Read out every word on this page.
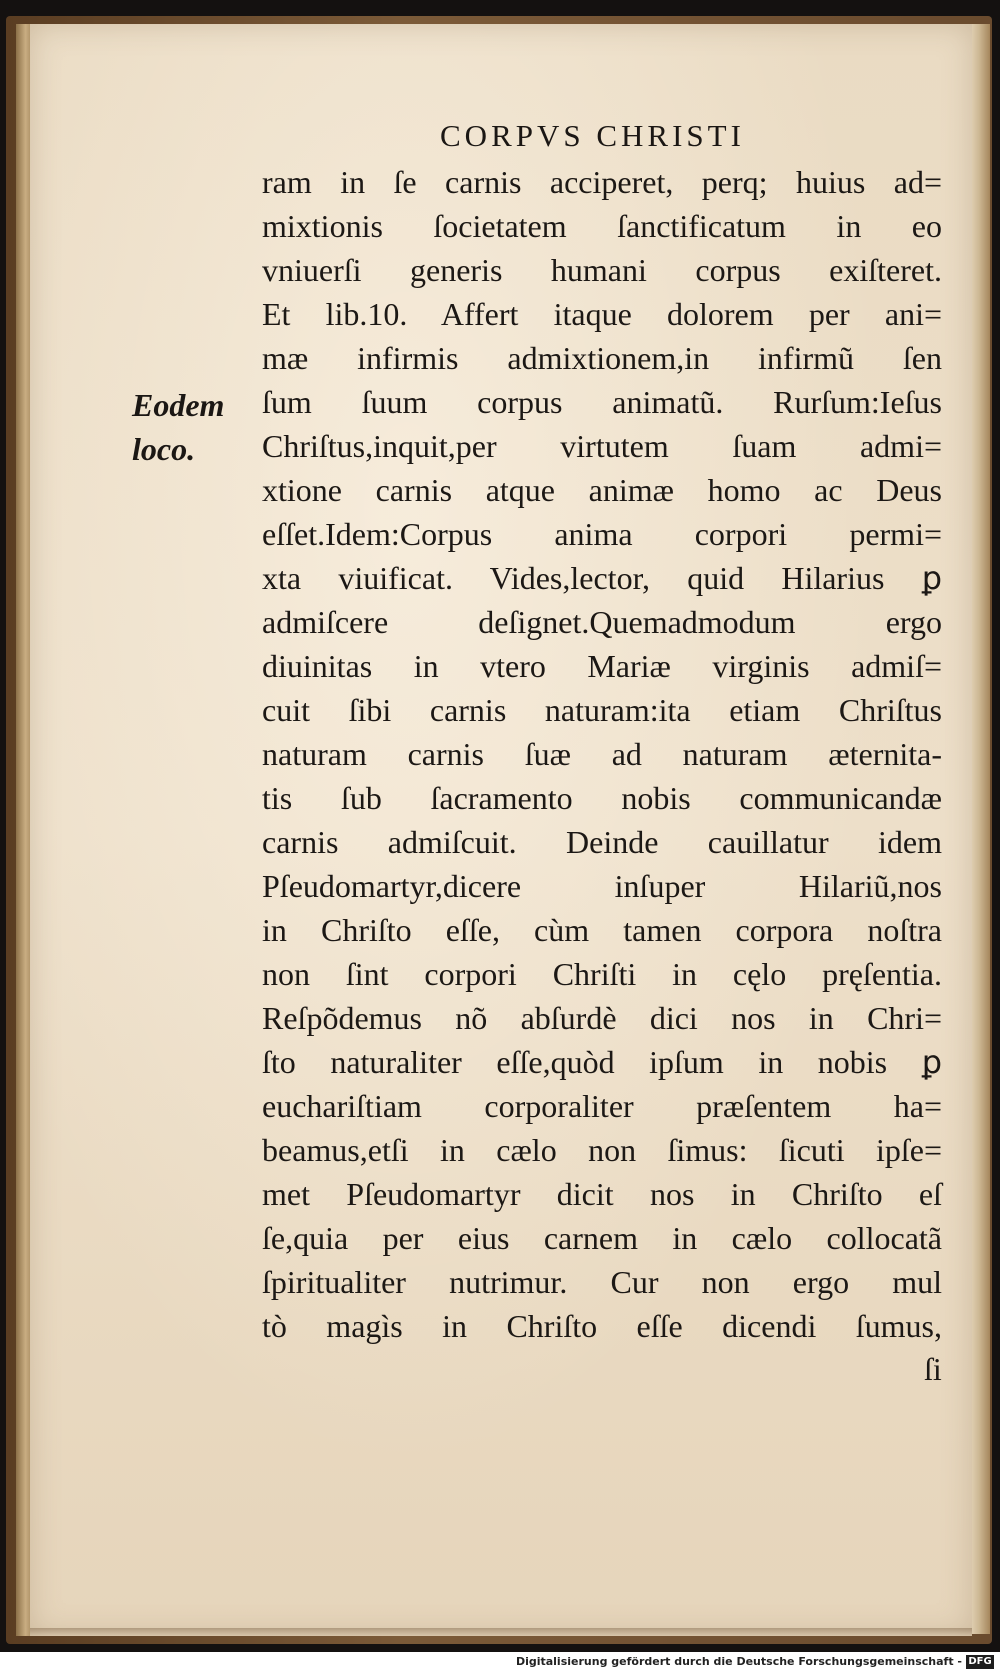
CORPVS CHRISTI
Eodem
loco.
ram in ſe carnis acciperet, perq; huius ad=
mixtionis ſocietatem ſanctificatum in eo
vniuerſi generis humani corpus exiſteret.
Et lib.10. Affert itaque dolorem per ani=
mæ infirmis admixtionem,in infirmũ ſen
ſum ſuum corpus animatũ. Rurſum:Ieſus
Chriſtus,inquit,per virtutem ſuam admi=
xtione carnis atque animæ homo ac Deus
eſſet.Idem:Corpus anima corpori permi=
xta viuificat. Vides,lector, quid Hilarius ꝑ
admiſcere deſignet.Quemadmodum ergo
diuinitas in vtero Mariæ virginis admiſ=
cuit ſibi carnis naturam:ita etiam Chriſtus
naturam carnis ſuæ ad naturam æternita-
tis ſub ſacramento nobis communicandæ
carnis admiſcuit. Deinde cauillatur idem
Pſeudomartyr,dicere inſuper Hilariũ,nos
in Chriſto eſſe, cùm tamen corpora noſtra
non ſint corpori Chriſti in cęlo pręſentia.
Reſpõdemus nõ abſurdè dici nos in Chri=
ſto naturaliter eſſe,quòd ipſum in nobis ꝑ
euchariſtiam corporaliter præſentem ha=
beamus,etſi in cælo non ſimus: ſicuti ipſe=
met Pſeudomartyr dicit nos in Chriſto eſ
ſe,quia per eius carnem in cælo collocatã
ſpiritualiter nutrimur. Cur non ergo mul
tò magìs in Chriſto eſſe dicendi ſumus,
ſi
Digitalisierung gefördert durch die Deutsche Forschungsgemeinschaft - DFG
